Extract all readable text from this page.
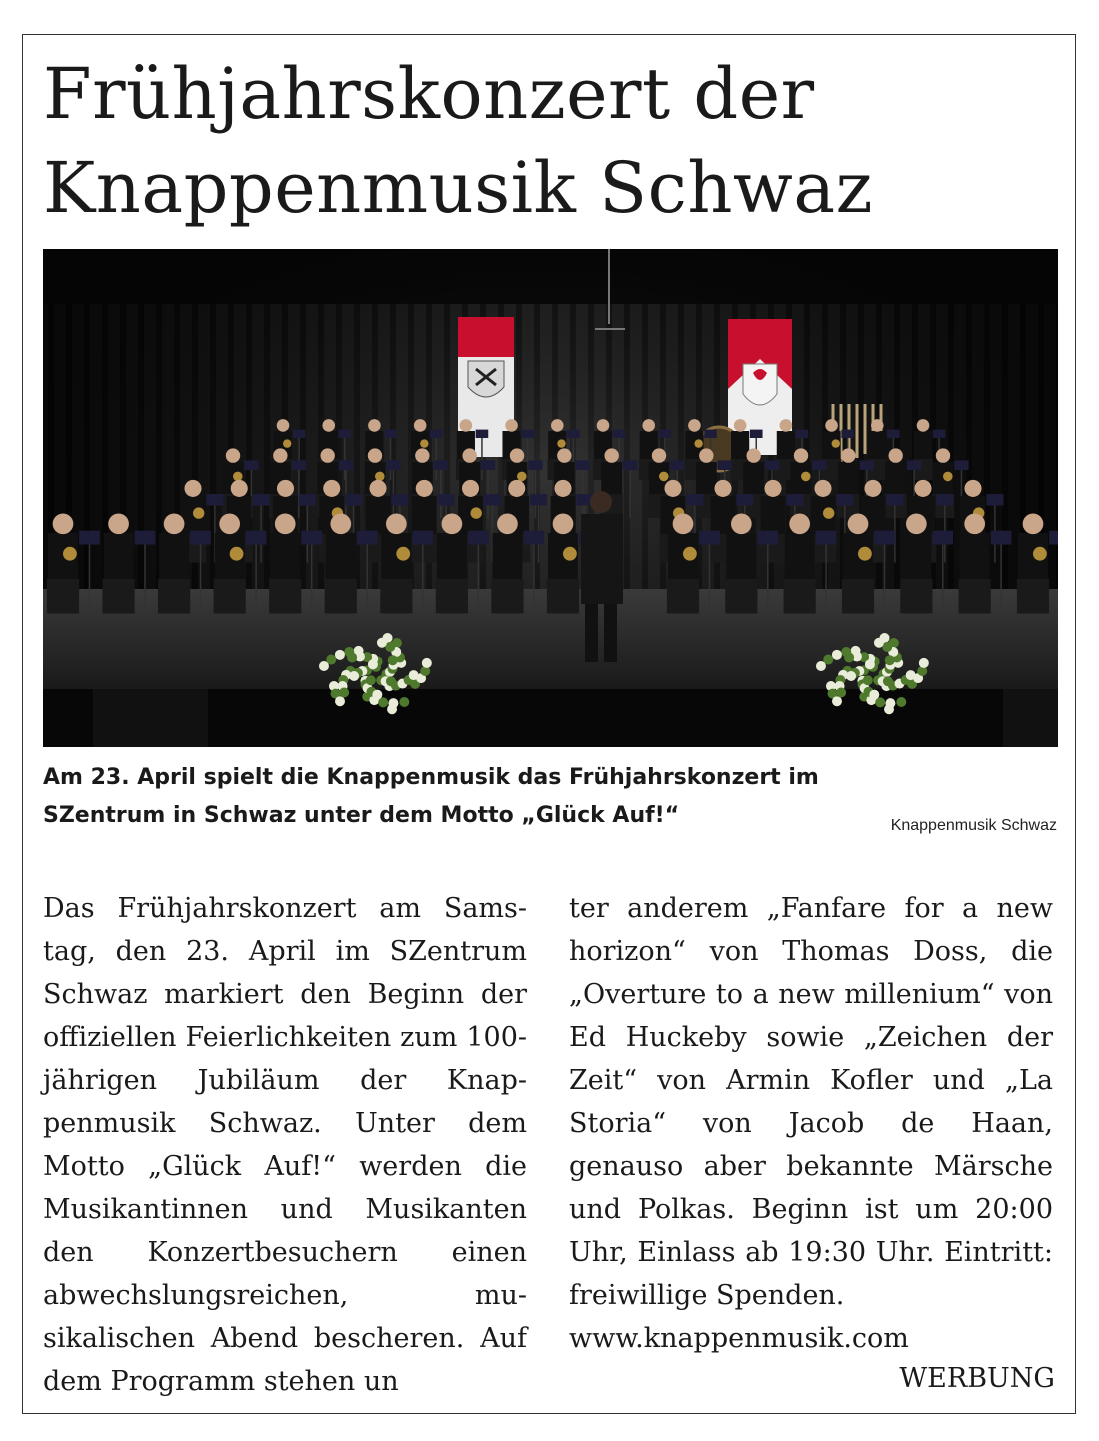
Frühjahrskonzert der
Knappenmusik Schwaz

Am 23. April spielt die Knappenmusik das Frühjahrskonzert im SZentrum in Schwaz unter dem Motto „Glück Auf!“	Knappenmusik Schwaz

Das Frühjahrskonzert am Samstag, den 23. April im SZentrum Schwaz markiert den Beginn der offiziellen Feierlichkeiten zum 100-jährigen Jubiläum der Knappenmusik Schwaz. Unter dem Motto „Glück Auf!“ werden die Musikantinnen und Musikanten den Konzertbesuchern einen abwechslungsreichen, musikalischen Abend bescheren. Auf dem Programm stehen un

ter anderem „Fanfare for a new horizon“ von Thomas Doss, die „Overture to a new millenium“ von Ed Huckeby sowie „Zeichen der Zeit“ von Armin Kofler und „La Storia“ von Jacob de Haan, genauso aber bekannte Märsche und Polkas. Beginn ist um 20:00 Uhr, Einlass ab 19:30 Uhr. Eintritt: freiwillige Spenden.
www.knappenmusik.com

WERBUNG
